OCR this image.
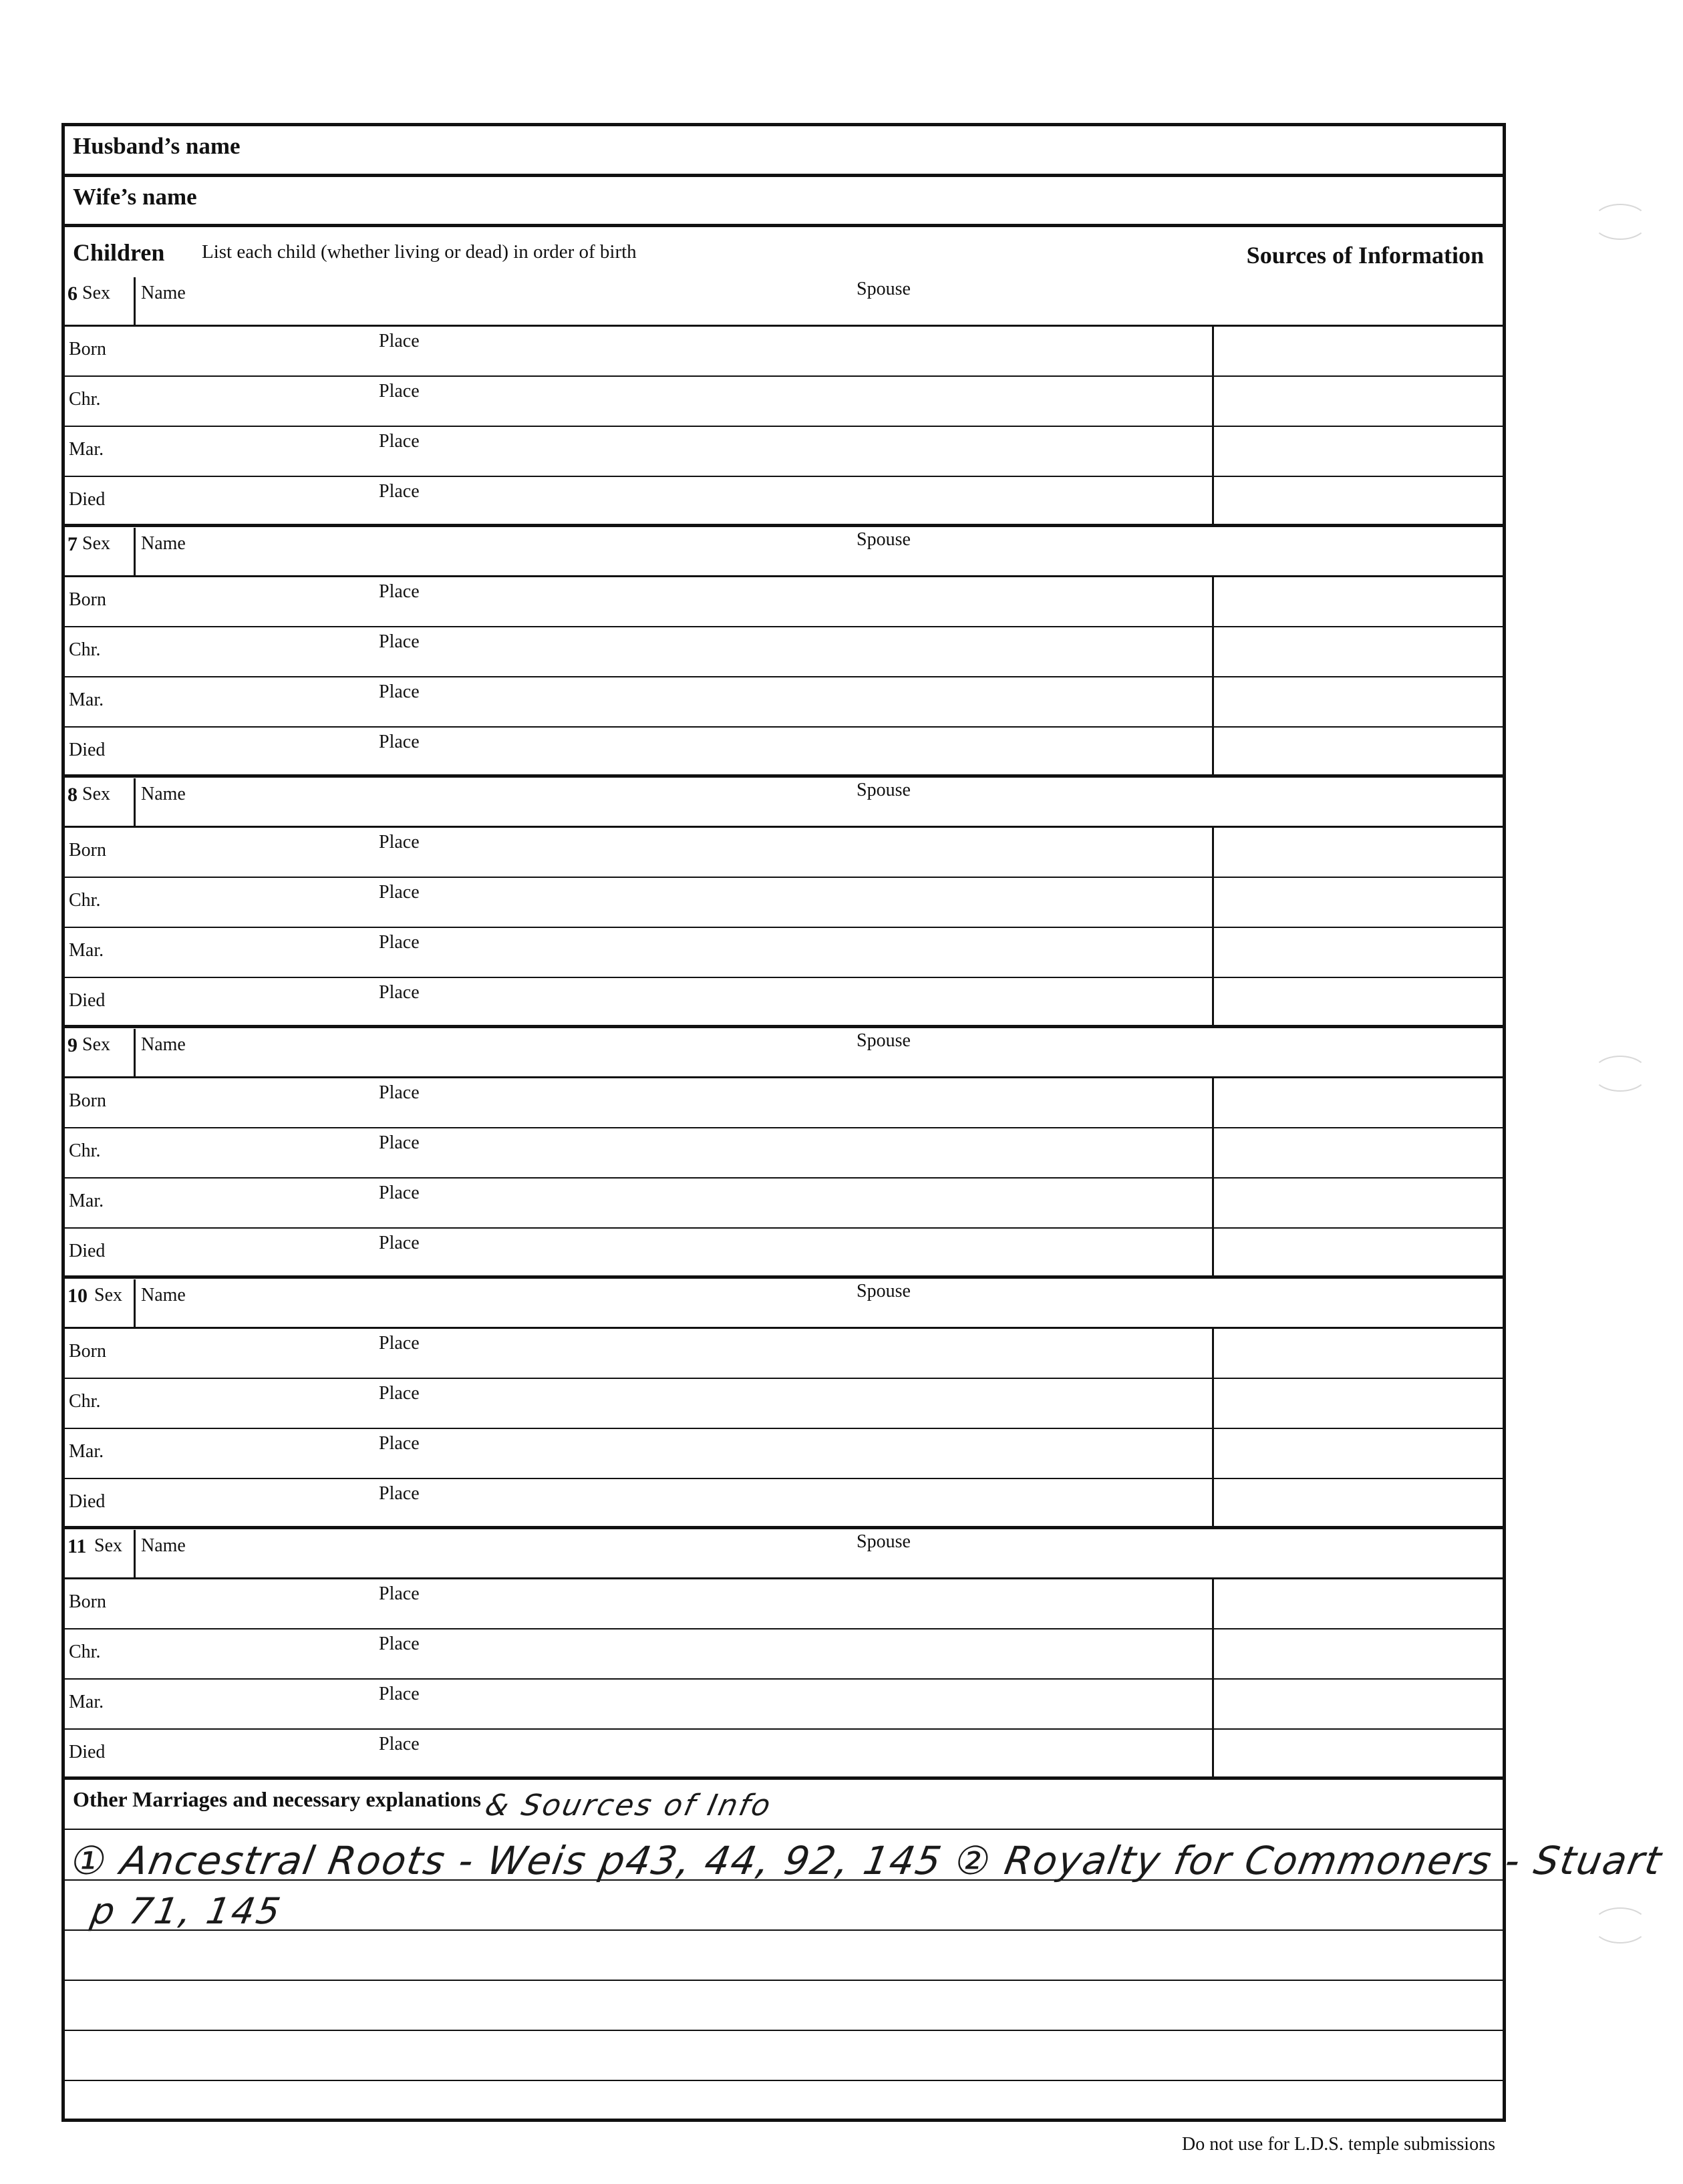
Husband’s name
Wife’s name
Children List each child (whether living or dead) in order of birth	Sources of Information
6 Sex Name	Spouse
Born	Place
Chr.	Place
Mar.	Place
Died	Place
7 Sex Name	Spouse
Born	Place
Chr.	Place
Mar.	Place
Died	Place
8 Sex Name	Spouse
Born	Place
Chr.	Place
Mar.	Place
Died	Place
9 Sex Name	Spouse
Born	Place
Chr.	Place
Mar.	Place
Died	Place
10 Sex Name	Spouse
Born	Place
Chr.	Place
Mar.	Place
Died	Place
11 Sex Name	Spouse
Born	Place
Chr.	Place
Mar.	Place
Died	Place
Other Marriages and necessary explanations & Sources of Info
① Ancestral Roots - Weis p43, 44, 92, 145 ② Royalty for Commoners - Stuart
p 71, 145
Do not use for L.D.S. temple submissions
